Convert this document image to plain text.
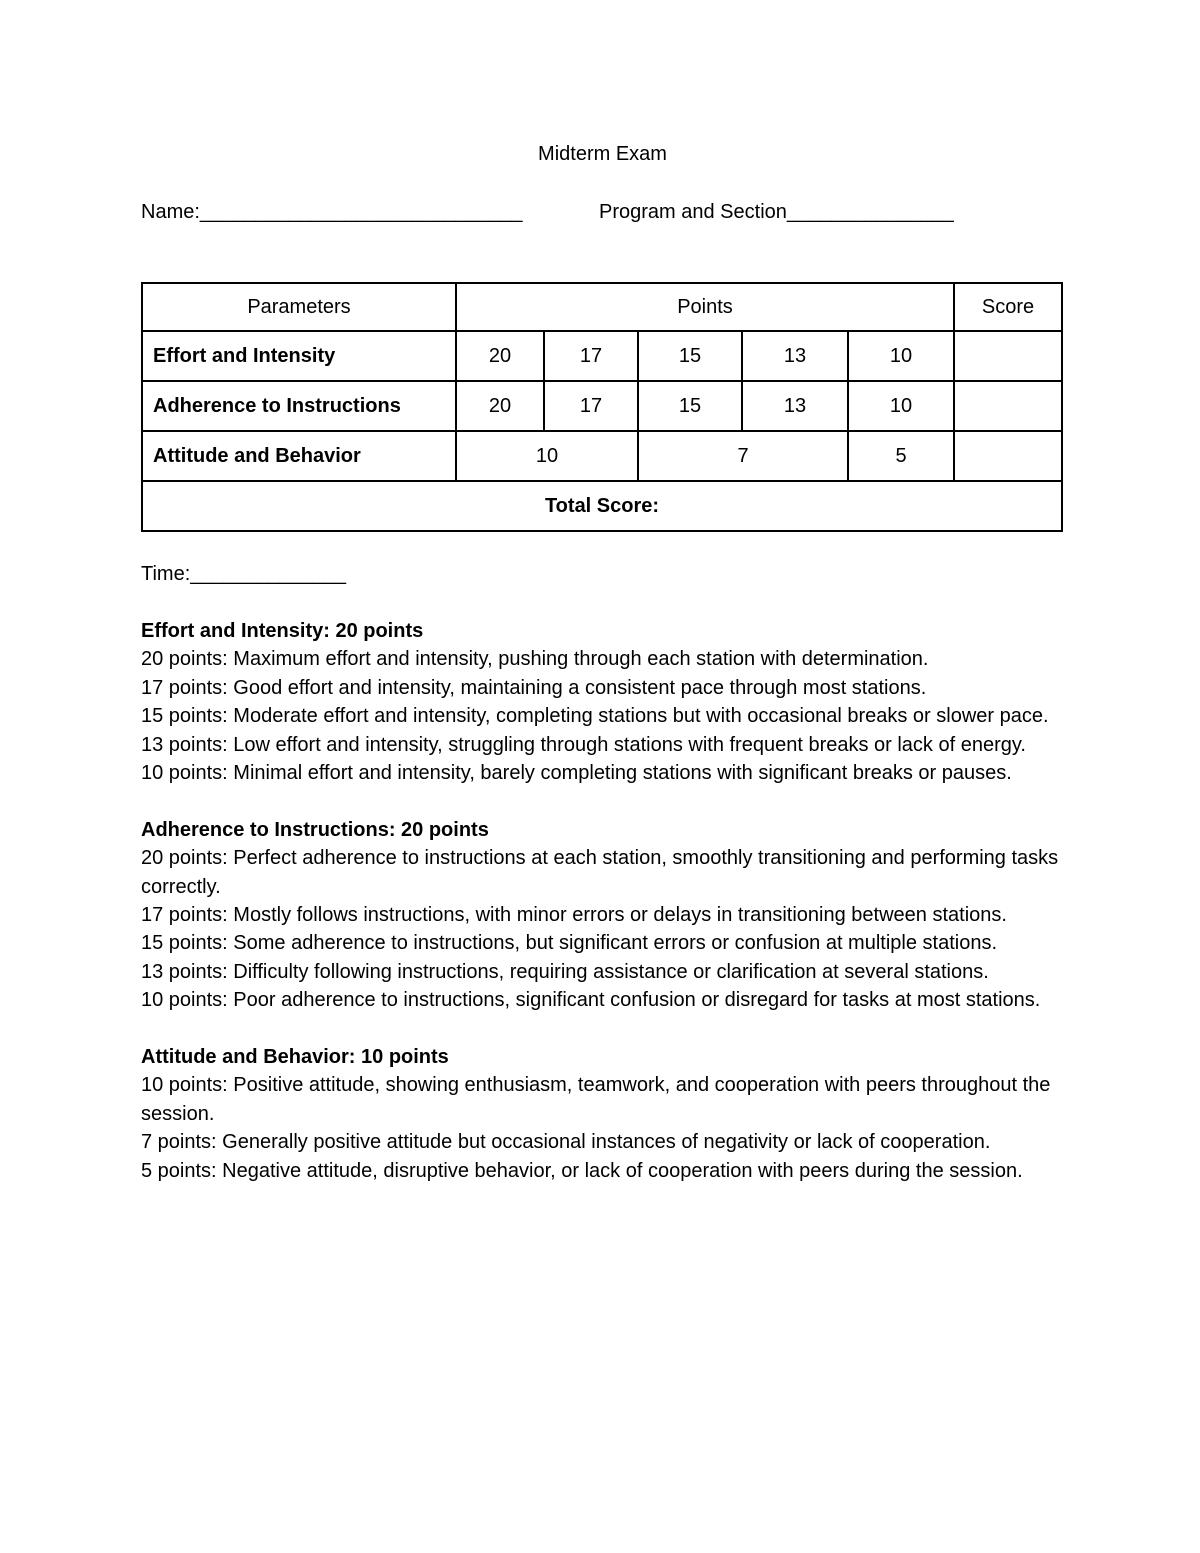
Midterm Exam
Name:_____________________________	Program and Section_______________
Parameters	Points					Score
Effort and Intensity	20	17	15	13	10	
Adherence to Instructions	20	17	15	13	10	
Attitude and Behavior	10		7		5	
Total Score:						
Time:______________

Effort and Intensity: 20 points

20 points: Maximum effort and intensity, pushing through each station with determination.

17 points: Good effort and intensity, maintaining a consistent pace through most stations.

15 points: Moderate effort and intensity, completing stations but with occasional breaks or slower pace.

13 points: Low effort and intensity, struggling through stations with frequent breaks or lack of energy.

10 points: Minimal effort and intensity, barely completing stations with significant breaks or pauses.

Adherence to Instructions: 20 points

20 points: Perfect adherence to instructions at each station, smoothly transitioning and performing tasks correctly.

17 points: Mostly follows instructions, with minor errors or delays in transitioning between stations.

15 points: Some adherence to instructions, but significant errors or confusion at multiple stations.

13 points: Difficulty following instructions, requiring assistance or clarification at several stations.

10 points: Poor adherence to instructions, significant confusion or disregard for tasks at most stations.

Attitude and Behavior: 10 points

10 points: Positive attitude, showing enthusiasm, teamwork, and cooperation with peers throughout the session.

7 points: Generally positive attitude but occasional instances of negativity or lack of cooperation.

5 points: Negative attitude, disruptive behavior, or lack of cooperation with peers during the session.
